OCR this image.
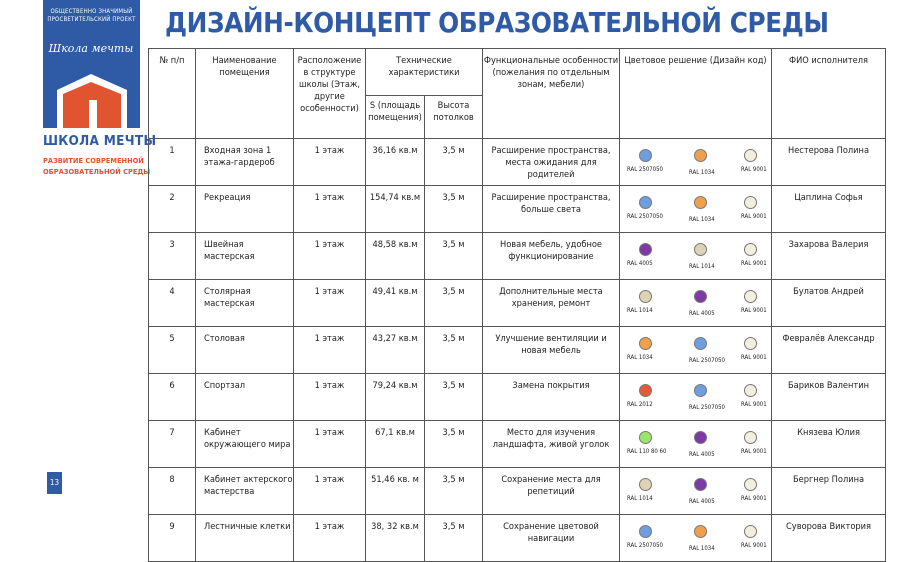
ОБЩЕСТВЕННО ЗНАЧИМЫЙ ПРОСВЕТИТЕЛЬСКИЙ ПРОЕКТ
Школа мечты
ШКОЛА МЕЧТЫ
РАЗВИТИЕ СОВРЕМЕННОЙ
ОБРАЗОВАТЕЛЬНОЙ СРЕДЫ
13
ДИЗАЙН-КОНЦЕПТ ОБРАЗОВАТЕЛЬНОЙ СРЕДЫ
№ п/п	Наименование помещения	Расположение в структуре школы (Этаж, другие особенности)	Технические характеристики		Функциональные особенности (пожелания по отдельным зонам, мебели)	Цветовое решение (Дизайн код)	ФИО исполнителя
			S (площадь помещения)	Высота потолков			
1	Входная зона 1 этажа-гардероб	1 этаж	36,16 кв.м	3,5 м	Расширение пространства, места ожидания для родителей	RAL 2507050 RAL 1034 RAL 9001	Нестерова Полина
2	Рекреация	1 этаж	154,74 кв.м	3,5 м	Расширение пространства, больше света	RAL 2507050 RAL 1034 RAL 9001	Цаплина Софья
3	Швейная мастерская	1 этаж	48,58 кв.м	3,5 м	Новая мебель, удобное функционирование	RAL 4005 RAL 1014 RAL 9001	Захарова Валерия
4	Столярная мастерская	1 этаж	49,41 кв.м	3,5 м	Дополнительные места хранения, ремонт	RAL 1014 RAL 4005 RAL 9001	Булатов Андрей
5	Столовая	1 этаж	43,27 кв.м	3,5 м	Улучшение вентиляции и новая мебель	RAL 1034 RAL 2507050 RAL 9001	Февралёв Александр
6	Спортзал	1 этаж	79,24 кв.м	3,5 м	Замена покрытия	RAL 2012 RAL 2507050 RAL 9001	Бариков Валентин
7	Кабинет окружающего мира	1 этаж	67,1 кв.м	3,5 м	Место для изучения ландшафта, живой уголок	RAL 110 80 60 RAL 4005 RAL 9001	Князева Юлия
8	Кабинет актерского мастерства	1 этаж	51,46 кв. м	3,5 м	Сохранение места для репетиций	RAL 1014 RAL 4005 RAL 9001	Бергнер Полина
9	Лестничные клетки	1 этаж	38, 32 кв.м	3,5 м	Сохранение цветовой навигации	RAL 2507050 RAL 1034 RAL 9001	Суворова Виктория
